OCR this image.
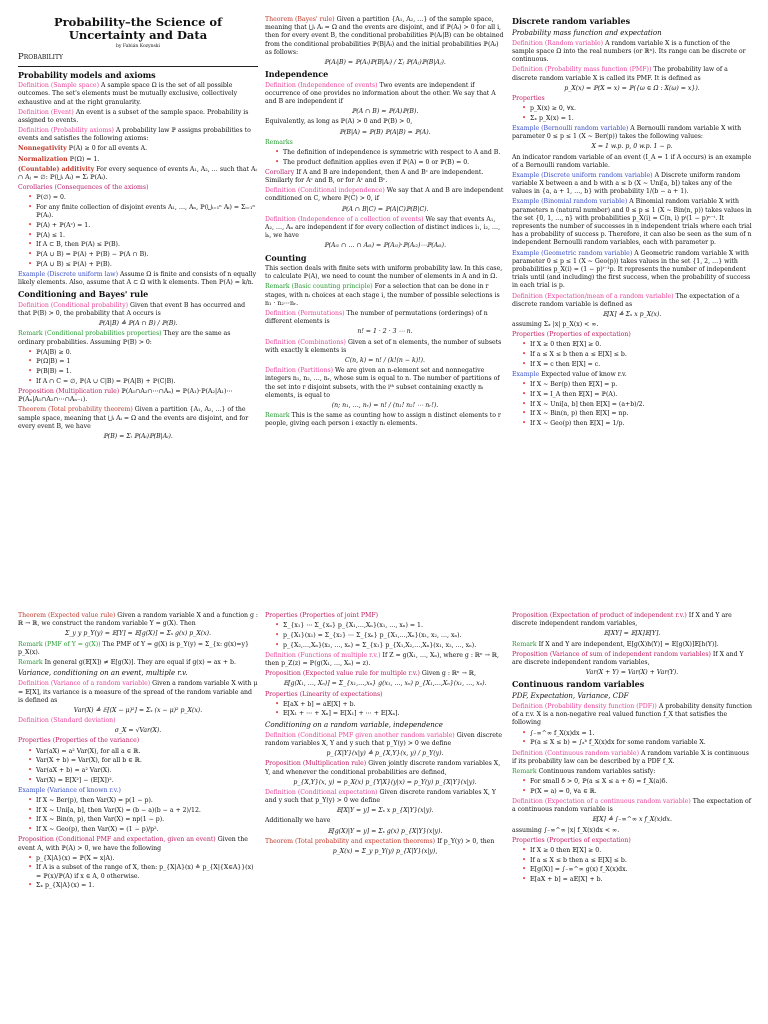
Probability–the Science of Uncertainty and Data

by Fabián Kozynski

Probability

Probability models and axioms

Definition (Sample space) A sample space Ω is the set of all possible outcomes. The set's elements must be mutually exclusive, collectively exhaustive and at the right granularity.

Definition (Event) An event is a subset of the sample space. Probability is assigned to events.

Definition (Probability axioms) A probability law ℙ assigns probabilities to events and satisfies the following axioms:

Nonnegativity ℙ(A) ≥ 0 for all events A.

Normalization ℙ(Ω) = 1.

(Countable) additivity For every sequence of events A₁, A₂, … such that Aᵢ ∩ Aⱼ = ∅: ℙ(⋃ᵢ Aᵢ) = Σᵢ ℙ(Aᵢ).

Corollaries (Consequences of the axioms)

• ℙ(∅) = 0.
• For any finite collection of disjoint events A₁, …, Aₙ, ℙ(⋃ᵢ₌₁ⁿ Aᵢ) = Σᵢ₌₁ⁿ ℙ(Aᵢ).
• ℙ(A) + ℙ(Aᶜ) = 1.
• ℙ(A) ≤ 1.
• If A ⊂ B, then ℙ(A) ≤ ℙ(B).
• ℙ(A ∪ B) = ℙ(A) + ℙ(B) − ℙ(A ∩ B).
• ℙ(A ∪ B) ≤ ℙ(A) + ℙ(B).

Example (Discrete uniform law) Assume Ω is finite and consists of n equally likely elements. Also, assume that A ⊂ Ω with k elements. Then ℙ(A) = k/n.

Conditioning and Bayes' rule

Definition (Conditional probability) Given that event B has occurred and that ℙ(B) > 0, the probability that A occurs is

ℙ(A|B) ≜ ℙ(A ∩ B) / ℙ(B).

Remark (Conditional probabilities properties) They are the same as ordinary probabilities. Assuming ℙ(B) > 0:

• ℙ(A|B) ≥ 0.
• ℙ(Ω|B) = 1
• ℙ(B|B) = 1.
• If A ∩ C = ∅, ℙ(A ∪ C|B) = ℙ(A|B) + ℙ(C|B).

Proposition (Multiplication rule) ℙ(A₁∩A₂∩⋯∩Aₙ) = ℙ(A₁)·ℙ(A₂|A₁)⋯ℙ(Aₙ|A₁∩A₂∩⋯∩Aₙ₋₁).

Theorem (Total probability theorem) Given a partition {A₁, A₂, …} of the sample space, meaning that ⋃ᵢ Aᵢ = Ω and the events are disjoint, and for every event B, we have

ℙ(B) = Σᵢ ℙ(Aᵢ)ℙ(B|Aᵢ).

Theorem (Bayes' rule) Given a partition {A₁, A₂, …} of the sample space, meaning that ⋃ᵢ Aᵢ = Ω and the events are disjoint, and if ℙ(Aᵢ) > 0 for all i, then for every event B, the conditional probabilities ℙ(Aᵢ|B) can be obtained from the conditional probabilities ℙ(B|Aᵢ) and the initial probabilities ℙ(Aᵢ) as follows:

ℙ(Aᵢ|B) = ℙ(Aᵢ)ℙ(B|Aᵢ) / Σⱼ ℙ(Aⱼ)ℙ(B|Aⱼ).

Independence

Definition (Independence of events) Two events are independent if occurrence of one provides no information about the other. We say that A and B are independent if

ℙ(A ∩ B) = ℙ(A)ℙ(B).

Equivalently, as long as ℙ(A) > 0 and ℙ(B) > 0,

ℙ(B|A) = ℙ(B) ℙ(A|B) = ℙ(A).

Remarks

• The definition of independence is symmetric with respect to A and B.
• The product definition applies even if ℙ(A) = 0 or ℙ(B) = 0.

Corollary If A and B are independent, then A and Bᶜ are independent. Similarly for Aᶜ and B, or for Aᶜ and Bᶜ.

Definition (Conditional independence) We say that A and B are independent conditioned on C, where ℙ(C) > 0, if

ℙ(A ∩ B|C) = ℙ(A|C)ℙ(B|C).

Definition (Independence of a collection of events) We say that events A₁, A₂, …, Aₙ are independent if for every collection of distinct indices i₁, i₂, …, iₖ, we have

ℙ(Aᵢ₁ ∩ … ∩ Aᵢₖ) = ℙ(Aᵢ₁)·ℙ(Aᵢ₂)⋯ℙ(Aᵢₖ).

Counting

This section deals with finite sets with uniform probability law. In this case, to calculate ℙ(A), we need to count the number of elements in A and in Ω.

Remark (Basic counting principle) For a selection that can be done in r stages, with nᵢ choices at each stage i, the number of possible selections is n₁ · n₂⋯nᵣ.

Definition (Permutations) The number of permutations (orderings) of n different elements is

n! = 1 · 2 · 3 ⋯ n.

Definition (Combinations) Given a set of n elements, the number of subsets with exactly k elements is

C(n, k) = n! / (k!(n − k)!).

Definition (Partitions) We are given an n-element set and nonnegative integers n₁, n₂, …, nᵣ, whose sum is equal to n. The number of partitions of the set into r disjoint subsets, with the iᵗʰ subset containing exactly nᵢ elements, is equal to

(n; n₁, …, nᵣ) = n! / (n₁! n₂! ⋯ nᵣ!).

Remark This is the same as counting how to assign n distinct elements to r people, giving each person i exactly nᵢ elements.

Discrete random variables

Probability mass function and expectation

Definition (Random variable) A random variable X is a function of the sample space Ω into the real numbers (or ℝⁿ). Its range can be discrete or continuous.

Definition (Probability mass function (PMF)) The probability law of a discrete random variable X is called its PMF. It is defined as

p_X(x) = ℙ(X = x) = ℙ({ω ∈ Ω : X(ω) = x}).

Properties

• p_X(x) ≥ 0, ∀x.
• Σₓ p_X(x) = 1.

Example (Bernoulli random variable) A Bernoulli random variable X with parameter 0 ≤ p ≤ 1 (X ~ Ber(p)) takes the following values:

X = 1 w.p. p, 0 w.p. 1 − p.

An indicator random variable of an event (I_A = 1 if A occurs) is an example of a Bernoulli random variable.

Example (Discrete uniform random variable) A Discrete uniform random variable X between a and b with a ≤ b (X ~ Uni[a, b]) takes any of the values in {a, a + 1, …, b} with probability 1/(b − a + 1).

Example (Binomial random variable) A Binomial random variable X with parameters n (natural number) and 0 ≤ p ≤ 1 (X ~ Bin(n, p)) takes values in the set {0, 1, …, n} with probabilities p_X(i) = C(n, i) pⁱ(1 − p)ⁿ⁻ⁱ. It represents the number of successes in n independent trials where each trial has a probability of success p. Therefore, it can also be seen as the sum of n independent Bernoulli random variables, each with parameter p.

Example (Geometric random variable) A Geometric random variable X with parameter 0 ≤ p ≤ 1 (X ~ Geo(p)) takes values in the set {1, 2, …} with probabilities p_X(i) = (1 − p)ⁱ⁻¹p. It represents the number of independent trials until (and including) the first success, when the probability of success in each trial is p.

Definition (Expectation/mean of a random variable) The expectation of a discrete random variable is defined as

𝔼[X] ≜ Σₓ x p_X(x).

assuming Σₓ |x| p_X(x) < ∞.

Properties (Properties of expectation)

• If X ≥ 0 then 𝔼[X] ≥ 0.
• If a ≤ X ≤ b then a ≤ 𝔼[X] ≤ b.
• If X = c then 𝔼[X] = c.

Example Expected value of know r.v.

• If X ~ Ber(p) then 𝔼[X] = p.
• If X = I_A then 𝔼[X] = ℙ(A).
• If X ~ Uni[a, b] then 𝔼[X] = (a+b)/2.
• If X ~ Bin(n, p) then 𝔼[X] = np.
• If X ~ Geo(p) then 𝔼[X] = 1/p.

Theorem (Expected value rule) Given a random variable X and a function g : ℝ → ℝ, we construct the random variable Y = g(X). Then

Σ_y y p_Y(y) = 𝔼[Y] = 𝔼[g(X)] = Σₓ g(x) p_X(x).

Remark (PMF of Y = g(X)) The PMF of Y = g(X) is p_Y(y) = Σ_{x: g(x)=y} p_X(x).

Remark In general g(𝔼[X]) ≠ 𝔼[g(X)]. They are equal if g(x) = ax + b.

Variance, conditioning on an event, multiple r.v.

Definition (Variance of a random variable) Given a random variable X with μ = 𝔼[X], its variance is a measure of the spread of the random variable and is defined as

Var(X) ≜ 𝔼[(X − μ)²] = Σₓ (x − μ)² p_X(x).

Definition (Standard deviation)

σ_X = √Var(X).

Properties (Properties of the variance)

• Var(aX) = a² Var(X), for all a ∈ ℝ.
• Var(X + b) = Var(X), for all b ∈ ℝ.
• Var(aX + b) = a² Var(X).
• Var(X) = 𝔼[X²] − (𝔼[X])².

Example (Variance of known r.v.)

• If X ~ Ber(p), then Var(X) = p(1 − p).
• If X ~ Uni[a, b], then Var(X) = (b − a)(b − a + 2)/12.
• If X ~ Bin(n, p), then Var(X) = np(1 − p).
• If X ~ Geo(p), then Var(X) = (1 − p)/p².

Proposition (Conditional PMF and expectation, given an event) Given the event A, with ℙ(A) > 0, we have the following

• p_{X|A}(x) = ℙ(X = x|A).
• If A is a subset of the range of X, then: p_{X|A}(x) ≜ p_{X|{X∈A}}(x) = ℙ(x)/ℙ(A) if x ∈ A, 0 otherwise.
• Σₓ p_{X|A}(x) = 1.

Properties (Properties of joint PMF)

• Σ_{x₁} ⋯ Σ_{xₙ} p_{X₁,…,Xₙ}(x₁, …, xₙ) = 1.
• p_{X₁}(x₁) = Σ_{x₂} ⋯ Σ_{xₙ} p_{X₁,…,Xₙ}(x₁, x₂, …, xₙ).
• p_{X₂,…,Xₙ}(x₂, …, xₙ) = Σ_{x₁} p_{X₁,X₂,…,Xₙ}(x₁, x₂, …, xₙ).

Definition (Functions of multiple r.v.) If Z = g(X₁, …, Xₙ), where g : ℝⁿ → ℝ, then p_Z(z) = ℙ(g(X₁, …, Xₙ) = z).

Proposition (Expected value rule for multiple r.v.) Given g : ℝⁿ → ℝ,

𝔼[g(X₁, …, Xₙ)] = Σ_{x₁,…,xₙ} g(x₁, …, xₙ) p_{X₁,…,Xₙ}(x₁, …, xₙ).

Properties (Linearity of expectations)

• 𝔼[aX + b] = a𝔼[X] + b.
• 𝔼[X₁ + ⋯ + Xₙ] = 𝔼[X₁] + ⋯ + 𝔼[Xₙ].

Conditioning on a random variable, independence

Definition (Conditional PMF given another random variable) Given discrete random variables X, Y and y such that p_Y(y) > 0 we define

p_{X|Y}(x|y) ≜ p_{X,Y}(x, y) / p_Y(y).

Proposition (Multiplication rule) Given jointly discrete random variables X, Y, and whenever the conditional probabilities are defined,

p_{X,Y}(x, y) = p_X(x) p_{Y|X}(y|x) = p_Y(y) p_{X|Y}(x|y).

Definition (Conditional expectation) Given discrete random variables X, Y and y such that p_Y(y) > 0 we define

𝔼[X|Y = y] = Σₓ x p_{X|Y}(x|y).

Additionally we have

𝔼[g(X)|Y = y] = Σₓ g(x) p_{X|Y}(x|y).

Theorem (Total probability and expectation theorems) If p_Y(y) > 0, then

p_X(x) = Σ_y p_Y(y) p_{X|Y}(x|y),

Proposition (Expectation of product of independent r.v.) If X and Y are discrete independent random variables,

𝔼[XY] = 𝔼[X]𝔼[Y].

Remark If X and Y are independent, 𝔼[g(X)h(Y)] = 𝔼[g(X)]𝔼[h(Y)].

Proposition (Variance of sum of independent random variables) If X and Y are discrete independent random variables,

Var(X + Y) = Var(X) + Var(Y).

Continuous random variables

PDF, Expectation, Variance, CDF

Definition (Probability density function (PDF)) A probability density function of a r.v. X is a non-negative real valued function f_X that satisfies the following

• ∫₋∞^∞ f_X(x)dx = 1.
• ℙ(a ≤ X ≤ b) = ∫ₐᵇ f_X(x)dx for some random variable X.

Definition (Continuous random variable) A random variable X is continuous if its probability law can be described by a PDF f_X.

Remark Continuous random variables satisfy:

• For small δ > 0, ℙ(a ≤ X ≤ a + δ) ≈ f_X(a)δ.
• ℙ(X = a) = 0, ∀a ∈ ℝ.

Definition (Expectation of a continuous random variable) The expectation of a continuous random variable is

𝔼[X] ≜ ∫₋∞^∞ x f_X(x)dx.

assuming ∫₋∞^∞ |x| f_X(x)dx < ∞.

Properties (Properties of expectation)

• If X ≥ 0 then 𝔼[X] ≥ 0.
• If a ≤ X ≤ b then a ≤ 𝔼[X] ≤ b.
• 𝔼[g(X)] = ∫₋∞^∞ g(x) f_X(x)dx.
• 𝔼[aX + b] = a𝔼[X] + b.
